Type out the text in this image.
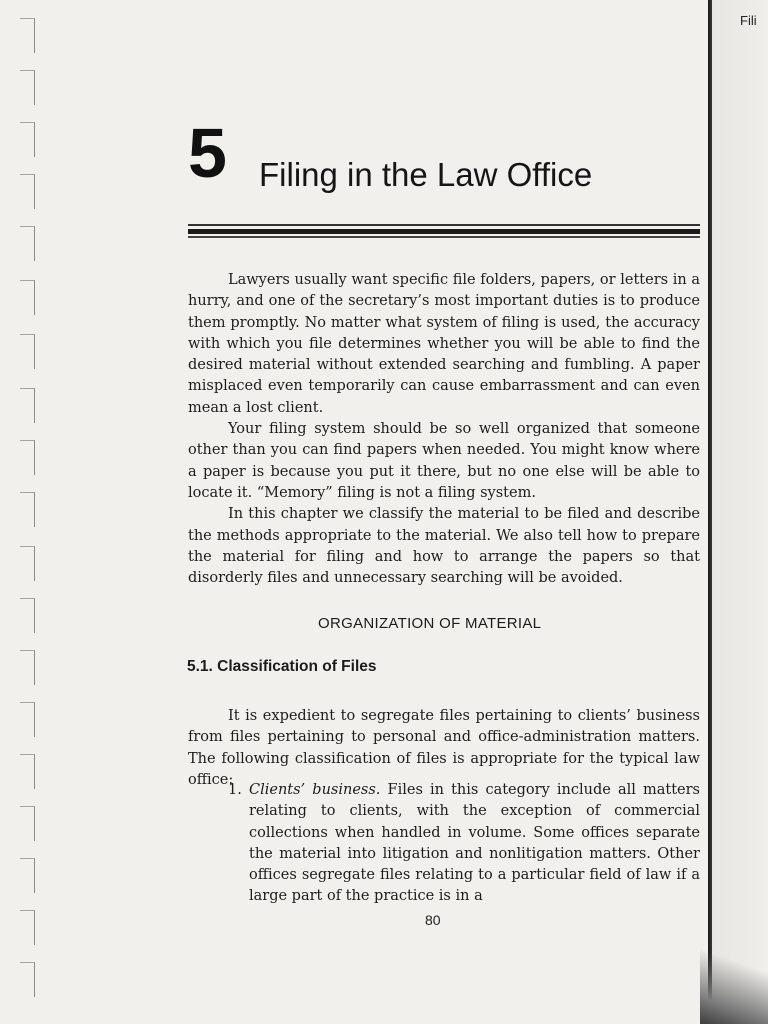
Fili
5 Filing in the Law Office

Lawyers usually want specific file folders, papers, or letters in a hurry, and one of the secretary’s most important duties is to produce them promptly. No matter what system of filing is used, the accuracy with which you file determines whether you will be able to find the desired material without extended searching and fumbling. A paper misplaced even temporarily can cause embarrassment and can even mean a lost client.

Your filing system should be so well organized that someone other than you can find papers when needed. You might know where a paper is because you put it there, but no one else will be able to locate it. “Memory” filing is not a filing system.

In this chapter we classify the material to be filed and describe the methods appropriate to the material. We also tell how to prepare the material for filing and how to arrange the papers so that disorderly files and unnecessary searching will be avoided.

ORGANIZATION OF MATERIAL
5.1. Classification of Files

It is expedient to segregate files pertaining to clients’ business from files pertaining to personal and office-administration matters. The following classification of files is appropriate for the typical law office:

1. Clients’ business. Files in this category include all matters relating to clients, with the exception of commercial collections when handled in volume. Some offices separate the material into litigation and nonlitigation matters. Other offices segregate files relating to a particular field of law if a large part of the practice is in a
80
